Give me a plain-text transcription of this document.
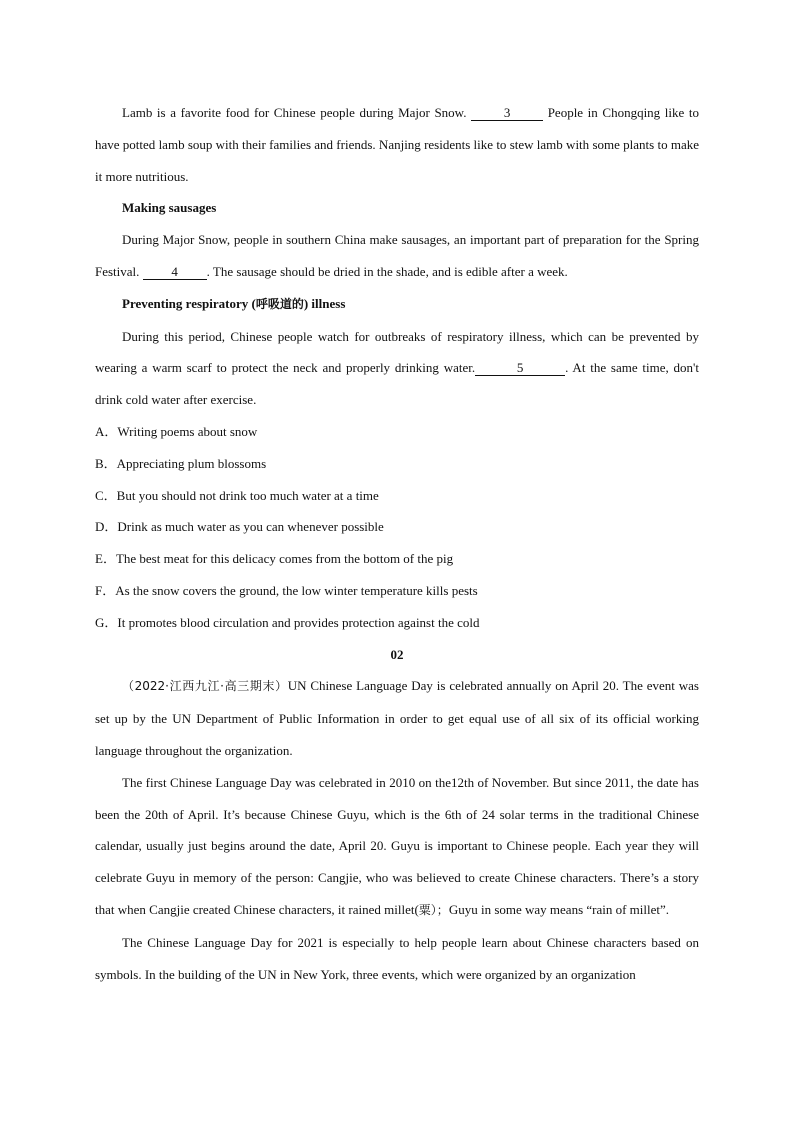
Lamb is a favorite food for Chinese people during Major Snow.	3	People in Chongqing like to have potted lamb soup with their families and friends. Nanjing residents like to stew lamb with some plants to make it more nutritious.

Making sausages

During Major Snow, people in southern China make sausages, an important part of preparation for the Spring Festival. 4 . The sausage should be dried in the shade, and is edible after a week.

Preventing respiratory (呼吸道的) illness

During this period, Chinese people watch for outbreaks of respiratory illness, which can be prevented by wearing a warm scarf to protect the neck and properly drinking water.	5	. At the same time, don't drink cold water after exercise.

A．Writing poems about snow

B．Appreciating plum blossoms

C．But you should not drink too much water at a time

D．Drink as much water as you can whenever possible

E．The best meat for this delicacy comes from the bottom of the pig

F．As the snow covers the ground, the low winter temperature kills pests

G．It promotes blood circulation and provides protection against the cold

02

（2022·江西九江·高三期末）UN Chinese Language Day is celebrated annually on April 20. The event was set up by the UN Department of Public Information in order to get equal use of all six of its official working language throughout the organization.

The first Chinese Language Day was celebrated in 2010 on the12th of November. But since 2011, the date has been the 20th of April. It’s because Chinese Guyu, which is the 6th of 24 solar terms in the traditional Chinese calendar, usually just begins around the date, April 20. Guyu is important to Chinese people. Each year they will celebrate Guyu in memory of the person: Cangjie, who was believed to create Chinese characters. There’s a story that when Cangjie created Chinese characters, it rained millet(粟）；Guyu in some way means “rain of millet”.

The Chinese Language Day for 2021 is especially to help people learn about Chinese characters based on symbols. In the building of the UN in New York, three events, which were organized by an organization
